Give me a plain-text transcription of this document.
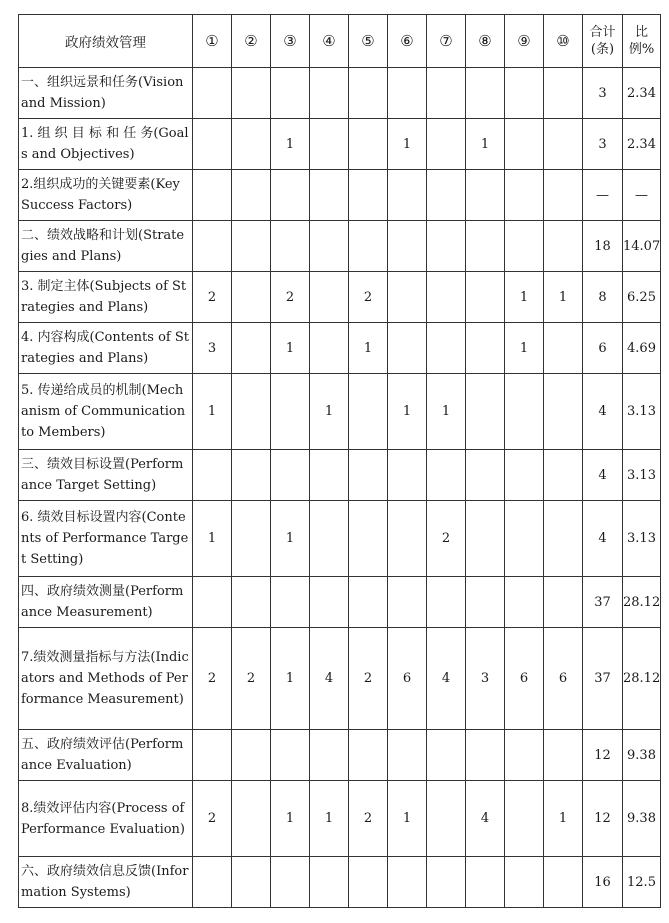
政府绩效管理	①	②	③	④	⑤	⑥	⑦	⑧	⑨	⑩	合计(条)	比例%
一、组织远景和任务(Vision and Mission)											3	2.34
1. 组 织 目 标 和 任 务(Goals and Objectives)			1			1		1			3	2.34
2.组织成功的关键要素(Key Success Factors)											—	—
二、绩效战略和计划(Strategies and Plans)											18	14.07
3. 制定主体(Subjects of Strategies and Plans)	2		2		2				1	1	8	6.25
4. 内容构成(Contents of Strategies and Plans)	3		1		1				1		6	4.69
5. 传递给成员的机制(Mechanism of Communication to Members)	1			1		1	1				4	3.13
三、绩效目标设置(Performance Target Setting)											4	3.13
6. 绩效目标设置内容(Contents of Performance Target Setting)	1		1				2				4	3.13
四、政府绩效测量(Performance Measurement)											37	28.12
7.绩效测量指标与方法(Indicators and Methods of Performance Measurement)	2	2	1	4	2	6	4	3	6	6	37	28.12
五、政府绩效评估(Performance Evaluation)											12	9.38
8.绩效评估内容(Process of Performance Evaluation)	2		1	1	2	1		4		1	12	9.38
六、政府绩效信息反馈(Information Systems)											16	12.5
